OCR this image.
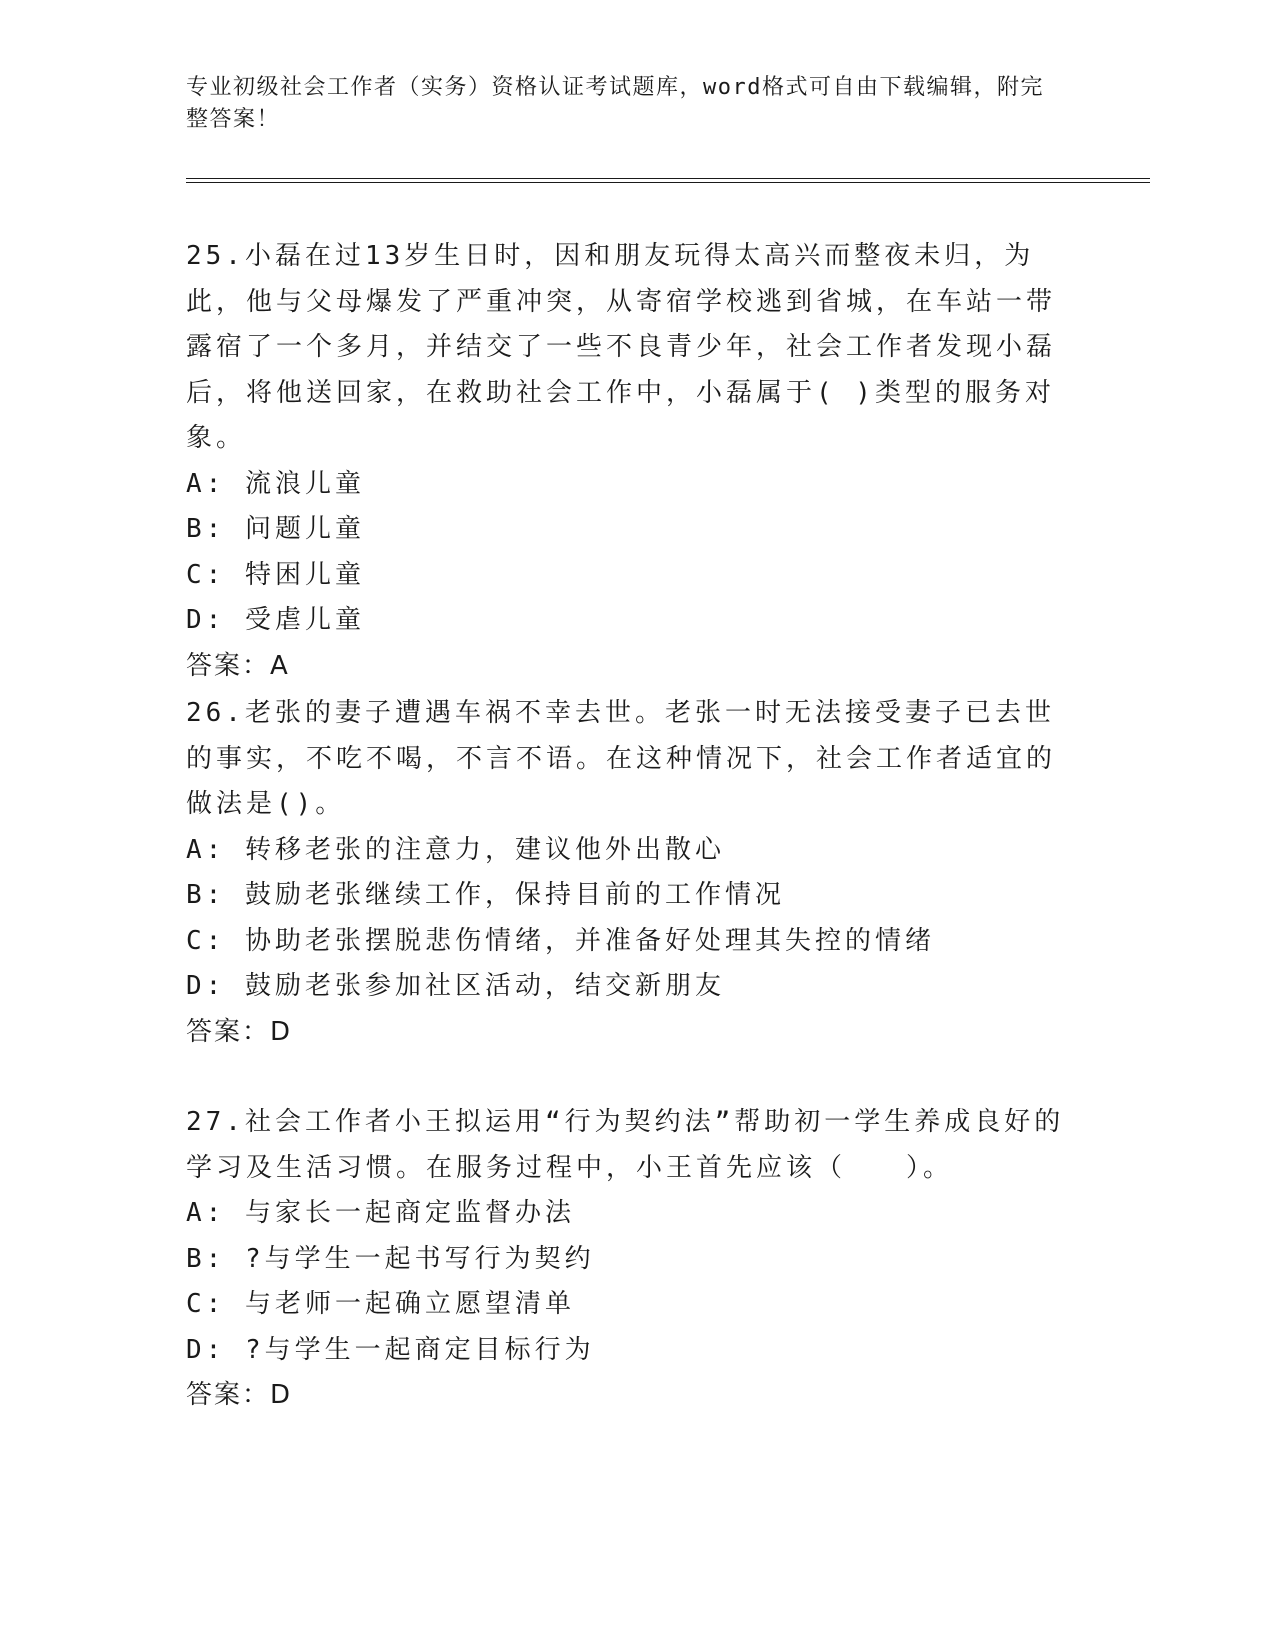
专业初级社会工作者（实务）资格认证考试题库，word格式可自由下载编辑，附完整答案！

25.小磊在过13岁生日时，因和朋友玩得太高兴而整夜未归，为此，他与父母爆发了严重冲突，从寄宿学校逃到省城，在车站一带露宿了一个多月，并结交了一些不良青少年，社会工作者发现小磊后，将他送回家，在救助社会工作中，小磊属于( )类型的服务对象。

A: 流浪儿童

B: 问题儿童

C: 特困儿童

D: 受虐儿童

答案：A

26.老张的妻子遭遇车祸不幸去世。老张一时无法接受妻子已去世的事实，不吃不喝，不言不语。在这种情况下，社会工作者适宜的做法是()。

A: 转移老张的注意力，建议他外出散心

B: 鼓励老张继续工作，保持目前的工作情况

C: 协助老张摆脱悲伤情绪，并准备好处理其失控的情绪

D: 鼓励老张参加社区活动，结交新朋友

答案：D

27.社会工作者小王拟运用“行为契约法”帮助初一学生养成良好的学习及生活习惯。在服务过程中，小王首先应该（　　）。

A: 与家长一起商定监督办法

B: ?与学生一起书写行为契约

C: 与老师一起确立愿望清单

D: ?与学生一起商定目标行为

答案：D
